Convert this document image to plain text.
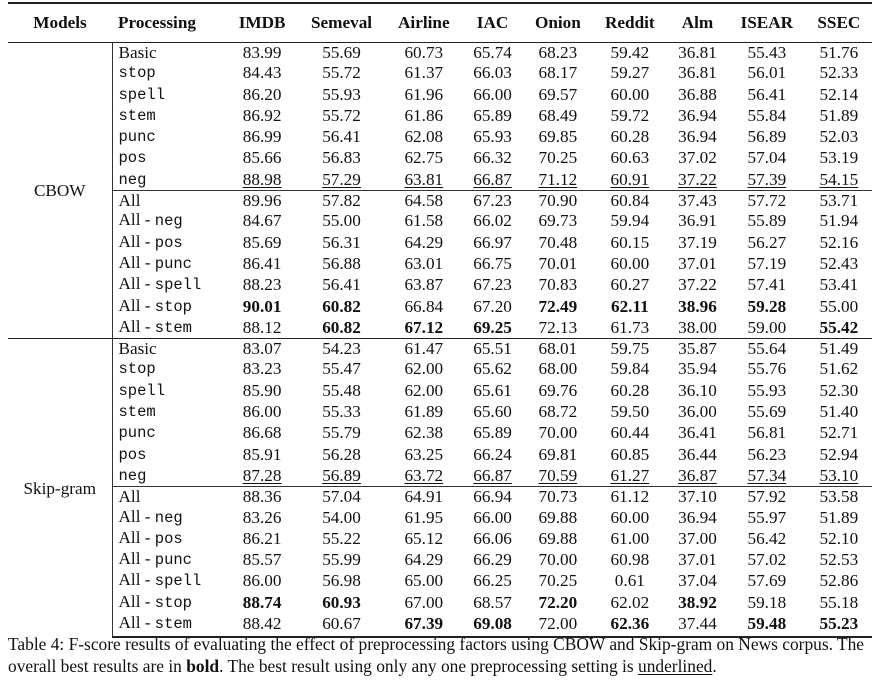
Models	Processing	IMDB	Semeval	Airline	IAC	Onion	Reddit	Alm	ISEAR	SSEC
CBOW	Basic	83.99	55.69	60.73	65.74	68.23	59.42	36.81	55.43	51.76
	stop	84.43	55.72	61.37	66.03	68.17	59.27	36.81	56.01	52.33
	spell	86.20	55.93	61.96	66.00	69.57	60.00	36.88	56.41	52.14
	stem	86.92	55.72	61.86	65.89	68.49	59.72	36.94	55.84	51.89
	punc	86.99	56.41	62.08	65.93	69.85	60.28	36.94	56.89	52.03
	pos	85.66	56.83	62.75	66.32	70.25	60.63	37.02	57.04	53.19
	neg	88.98	57.29	63.81	66.87	71.12	60.91	37.22	57.39	54.15
	All	89.96	57.82	64.58	67.23	70.90	60.84	37.43	57.72	53.71
	All - neg	84.67	55.00	61.58	66.02	69.73	59.94	36.91	55.89	51.94
	All - pos	85.69	56.31	64.29	66.97	70.48	60.15	37.19	56.27	52.16
	All - punc	86.41	56.88	63.01	66.75	70.01	60.00	37.01	57.19	52.43
	All - spell	88.23	56.41	63.87	67.23	70.83	60.27	37.22	57.41	53.41
	All - stop	90.01	60.82	66.84	67.20	72.49	62.11	38.96	59.28	55.00
	All - stem	88.12	60.82	67.12	69.25	72.13	61.73	38.00	59.00	55.42
Skip-gram	Basic	83.07	54.23	61.47	65.51	68.01	59.75	35.87	55.64	51.49
	stop	83.23	55.47	62.00	65.62	68.00	59.84	35.94	55.76	51.62
	spell	85.90	55.48	62.00	65.61	69.76	60.28	36.10	55.93	52.30
	stem	86.00	55.33	61.89	65.60	68.72	59.50	36.00	55.69	51.40
	punc	86.68	55.79	62.38	65.89	70.00	60.44	36.41	56.81	52.71
	pos	85.91	56.28	63.25	66.24	69.81	60.85	36.44	56.23	52.94
	neg	87.28	56.89	63.72	66.87	70.59	61.27	36.87	57.34	53.10
	All	88.36	57.04	64.91	66.94	70.73	61.12	37.10	57.92	53.58
	All - neg	83.26	54.00	61.95	66.00	69.88	60.00	36.94	55.97	51.89
	All - pos	86.21	55.22	65.12	66.06	69.88	61.00	37.00	56.42	52.10
	All - punc	85.57	55.99	64.29	66.29	70.00	60.98	37.01	57.02	52.53
	All - spell	86.00	56.98	65.00	66.25	70.25	0.61	37.04	57.69	52.86
	All - stop	88.74	60.93	67.00	68.57	72.20	62.02	38.92	59.18	55.18
	All - stem	88.42	60.67	67.39	69.08	72.00	62.36	37.44	59.48	55.23
Table 4: F-score results of evaluating the effect of preprocessing factors using CBOW and Skip-gram on News corpus. The overall best results are in bold. The best result using only any one preprocessing setting is underlined.
